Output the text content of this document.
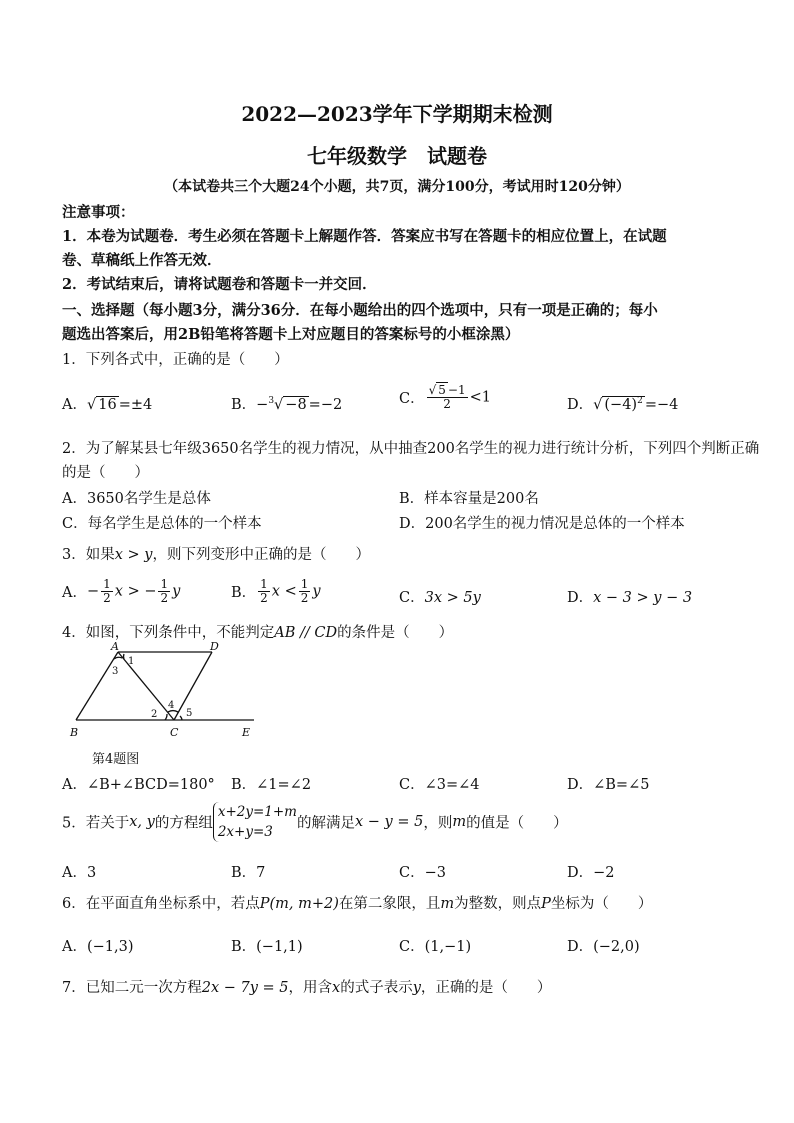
2022—2023学年下学期期末检测
七年级数学　试题卷
（本试卷共三个大题24个小题，共7页，满分100分，考试用时120分钟）
注意事项：
1．本卷为试题卷．考生必须在答题卡上解题作答．答案应书写在答题卡的相应位置上，在试题
卷、草稿纸上作答无效．
2．考试结束后，请将试题卷和答题卡一并交回．
一、选择题（每小题3分，满分36分．在每小题给出的四个选项中，只有一项是正确的；每小
题选出答案后，用2B铅笔将答题卡上对应题目的答案标号的小框涂黑）
1．下列各式中，正确的是（　　）
A．√ 16 =±4	B．−$^3$√ −8 =−2	C． $\frac{√ 5 -1}{2} <1$	D．√ $(-4)^2 =-4$
2．为了解某县七年级3650名学生的视力情况，从中抽查200名学生的视力进行统计分析，下列四个判断正确
的是（　　）
A．3650名学生是总体	B．样本容量是200名
C．每名学生是总体的一个样本	D．200名学生的视力情况是总体的一个样本
3．如果x > y，则下列变形中正确的是（　　）
A．− $\frac{1}{2}$ x > − $\frac{1}{2}$ y	B． $\frac{1}{2}$ $x < \frac{1}{2}$ y	C．3x > 5y	D．x − 3 > y − 3
4．如图，下列条件中，不能判定AB // CD的条件是（　　）
A	D
B	C	E
1
3
2
4
5
第4题图
A．∠B+∠BCD=180° B．∠1=∠2	C．∠3=∠4	D．∠B=∠5
5．若关于x, y的方程组
x+2y=1+m
2x+y=3
的解满足x − y = 5，则m的值是（　　）
A．3	B．7	C．−3	D．−2
6．在平面直角坐标系中，若点P(m, m+2)在第二象限，且m为整数，则点P坐标为（　　）
A．(−1,3)	B．(−1,1)	C．(1,−1)	D．(−2,0)
7．已知二元一次方程2x − 7y = 5，用含x的式子表示y，正确的是（　　）
